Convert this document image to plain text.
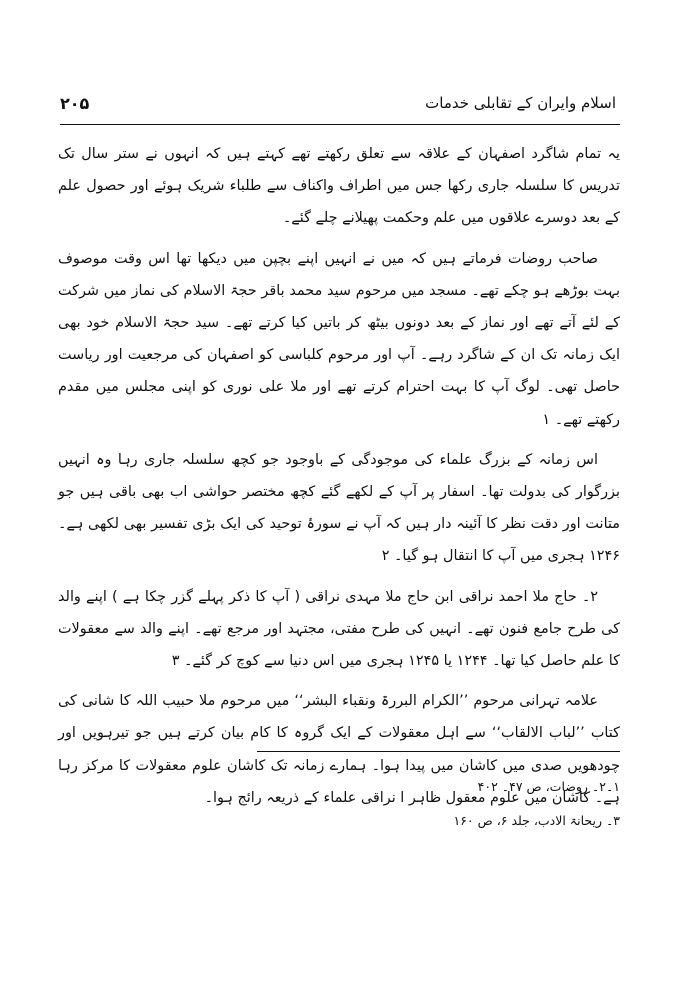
اسلام وایران کے تقابلی خدمات
۲۰۵

یہ تمام شاگرد اصفہان کے علاقہ سے تعلق رکھتے تھے کہتے ہیں کہ انہوں نے ستر سال تک تدریس کا سلسلہ جاری رکھا جس میں اطراف واکناف سے طلباء شریک ہوئے اور حصول علم کے بعد دوسرے علاقوں میں علم وحکمت پھیلانے چلے گئے۔

صاحب روضات فرماتے ہیں کہ میں نے انہیں اپنے بچپن میں دیکھا تھا اس وقت موصوف بہت بوڑھے ہو چکے تھے۔ مسجد میں مرحوم سید محمد باقر حجۃ الاسلام کی نماز میں شرکت کے لئے آتے تھے اور نماز کے بعد دونوں بیٹھ کر باتیں کیا کرتے تھے۔ سید حجۃ الاسلام خود بھی ایک زمانہ تک ان کے شاگرد رہے۔ آپ اور مرحوم کلباسی کو اصفہان کی مرجعیت اور ریاست حاصل تھی۔ لوگ آپ کا بہت احترام کرتے تھے اور ملا علی نوری کو اپنی مجلس میں مقدم رکھتے تھے۔ ۱

اس زمانہ کے بزرگ علماء کی موجودگی کے باوجود جو کچھ سلسلہ جاری رہا وہ انہیں بزرگوار کی بدولت تھا۔ اسفار پر آپ کے لکھے گئے کچھ مختصر حواشی اب بھی باقی ہیں جو متانت اور دقت نظر کا آئینہ دار ہیں کہ آپ نے سورۂ توحید کی ایک بڑی تفسیر بھی لکھی ہے۔ ۱۲۴۶ ہجری میں آپ کا انتقال ہو گیا۔ ۲

۲۔ حاج ملا احمد نراقی ابن حاج ملا مہدی نراقی ( آپ کا ذکر پہلے گزر چکا ہے ) اپنے والد کی طرح جامع فنون تھے۔ انہیں کی طرح مفتی، مجتہد اور مرجع تھے۔ اپنے والد سے معقولات کا علم حاصل کیا تھا۔ ۱۲۴۴ یا ۱۲۴۵ ہجری میں اس دنیا سے کوچ کر گئے۔ ۳

علامہ تہرانی مرحوم ’’الکرام البررۃ ونقباء البشر‘‘ میں مرحوم ملا حبیب اللہ کا شانی کی کتاب ’’لباب الالقاب‘‘ سے اہل معقولات کے ایک گروہ کا کام بیان کرتے ہیں جو تیرہویں اور چودھویں صدی میں کاشان میں پیدا ہوا۔ ہمارے زمانہ تک کاشان علوم معقولات کا مرکز رہا ہے۔ کاشان میں علوم معقول ظاہر ا نراقی علماء کے ذریعہ رائج ہوا۔

۱۔۲۔ روضات، ص ۴۷۔ ۴۰۲
۳۔ ریحانۃ الادب، جلد ۶، ص ۱۶۰
